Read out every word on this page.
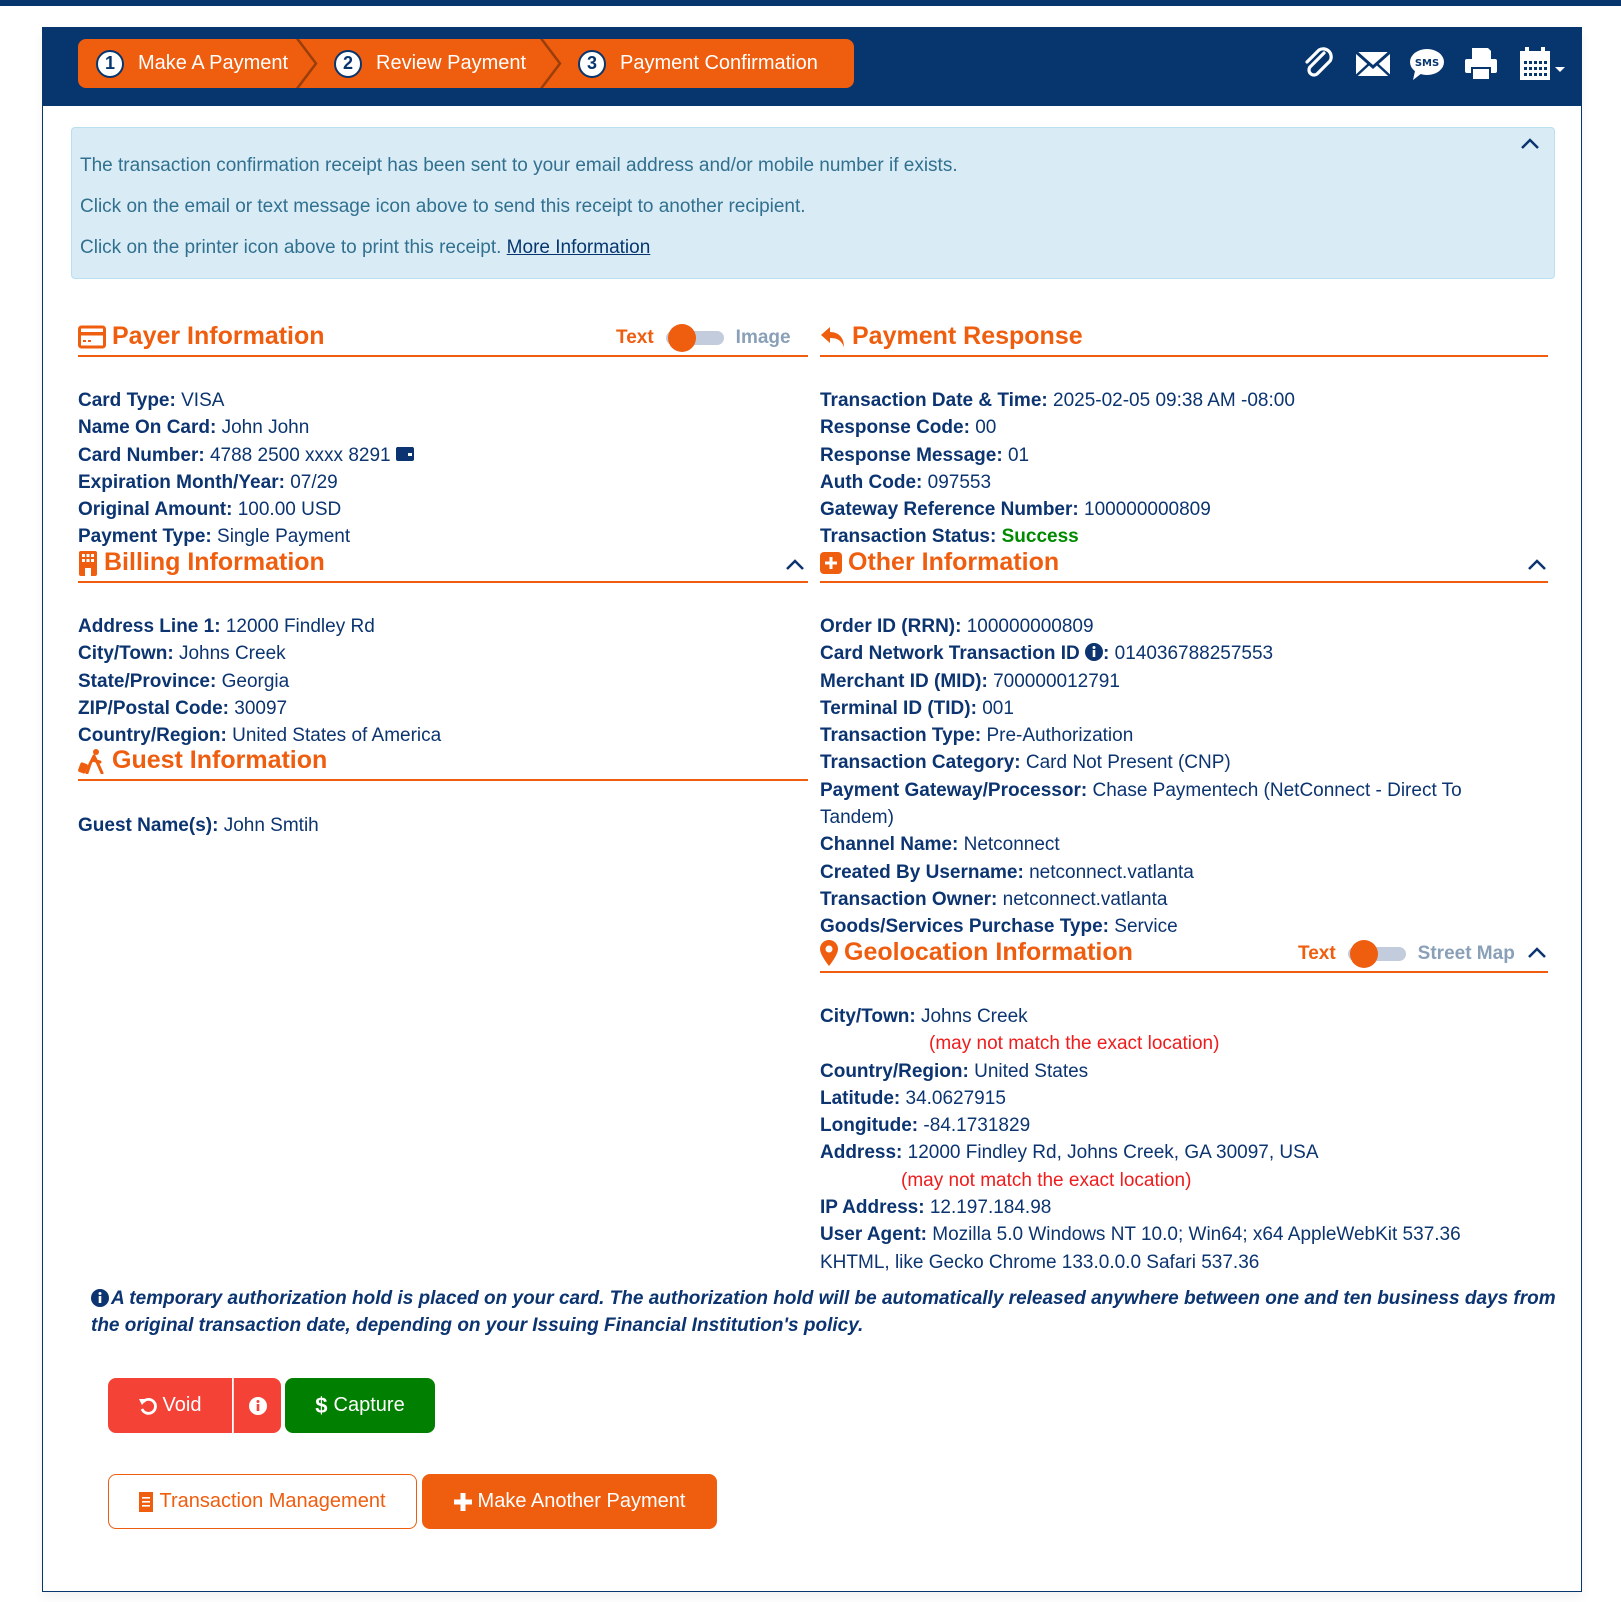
1	Make A Payment	2	Review Payment	3	Payment Confirmation	SMS

The transaction confirmation receipt has been sent to your email address and/or mobile number if exists.

Click on the email or text message icon above to send this receipt to another recipient.

Click on the printer icon above to print this receipt. More Information

Payer Information	Text	Image
Card Type: VISA
Name On Card: John John
Card Number: 4788 2500 xxxx 8291
Expiration Month/Year: 07/29
Original Amount: 100.00 USD
Payment Type: Single Payment
Billing Information
Address Line 1: 12000 Findley Rd
City/Town: Johns Creek
State/Province: Georgia
ZIP/Postal Code: 30097
Country/Region: United States of America
Guest Information
Guest Name(s): John Smtih
Payment Response
Transaction Date & Time: 2025-02-05 09:38 AM -08:00
Response Code: 00
Response Message: 01
Auth Code: 097553
Gateway Reference Number: 100000000809
Transaction Status: Success
Other Information
Order ID (RRN): 100000000809
Card Network Transaction ID : 014036788257553
Merchant ID (MID): 700000012791
Terminal ID (TID): 001
Transaction Type: Pre-Authorization
Transaction Category: Card Not Present (CNP)
Payment Gateway/Processor: Chase Paymentech (NetConnect - Direct To Tandem)
Channel Name: Netconnect
Created By Username: netconnect.vatlanta
Transaction Owner: netconnect.vatlanta
Goods/Services Purchase Type: Service
Geolocation Information	Text	Street Map
City/Town: Johns Creek
(may not match the exact location)
Country/Region: United States
Latitude: 34.0627915
Longitude: -84.1731829
Address: 12000 Findley Rd, Johns Creek, GA 30097, USA
(may not match the exact location)
IP Address: 12.197.184.98
User Agent: Mozilla 5.0 Windows NT 10.0; Win64; x64 AppleWebKit 537.36 KHTML, like Gecko Chrome 133.0.0.0 Safari 537.36
A temporary authorization hold is placed on your card. The authorization hold will be automatically released anywhere between one and ten business days from the original transaction date, depending on your Issuing Financial Institution's policy.
Void	$ Capture
Transaction Management	Make Another Payment
